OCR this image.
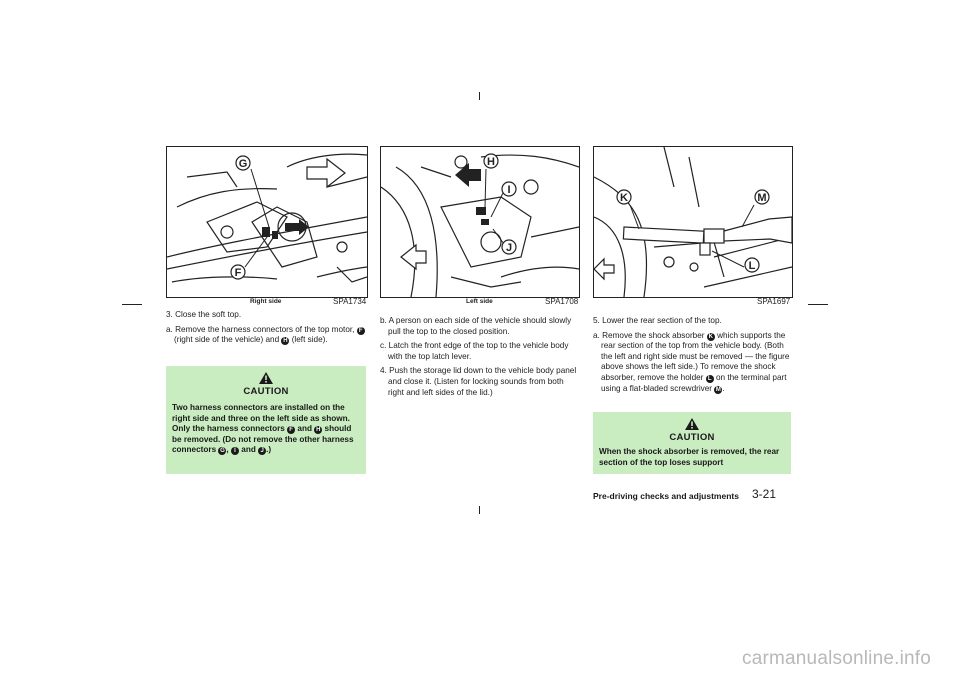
G
F
Right side	SPA1734
H
I
J
Left side	SPA1708
K	M
L
SPA1697

3. Close the soft top.

a. Remove the harness connectors of the top motor, F (right side of the vehicle) and H (left side).

CAUTION
Two harness connectors are installed on the right side and three on the left side as shown. Only the harness connectors F and H should be removed. (Do not remove the other harness connectors G , I and J .)

b. A person on each side of the vehicle should slowly pull the top to the closed position.

c. Latch the front edge of the top to the vehicle body with the top latch lever.

4. Push the storage lid down to the vehicle body panel and close it. (Listen for locking sounds from both right and left sides of the lid.)

5. Lower the rear section of the top.

a. Remove the shock absorber K which supports the rear section of the top from the vehicle body. (Both the left and right side must be removed — the figure above shows the left side.) To remove the shock absorber, remove the holder L on the terminal part using a flat-bladed screwdriver M .

CAUTION
When the shock absorber is removed, the rear section of the top loses support
Pre-driving checks and adjustments 3-21
carmanualsonline.info
